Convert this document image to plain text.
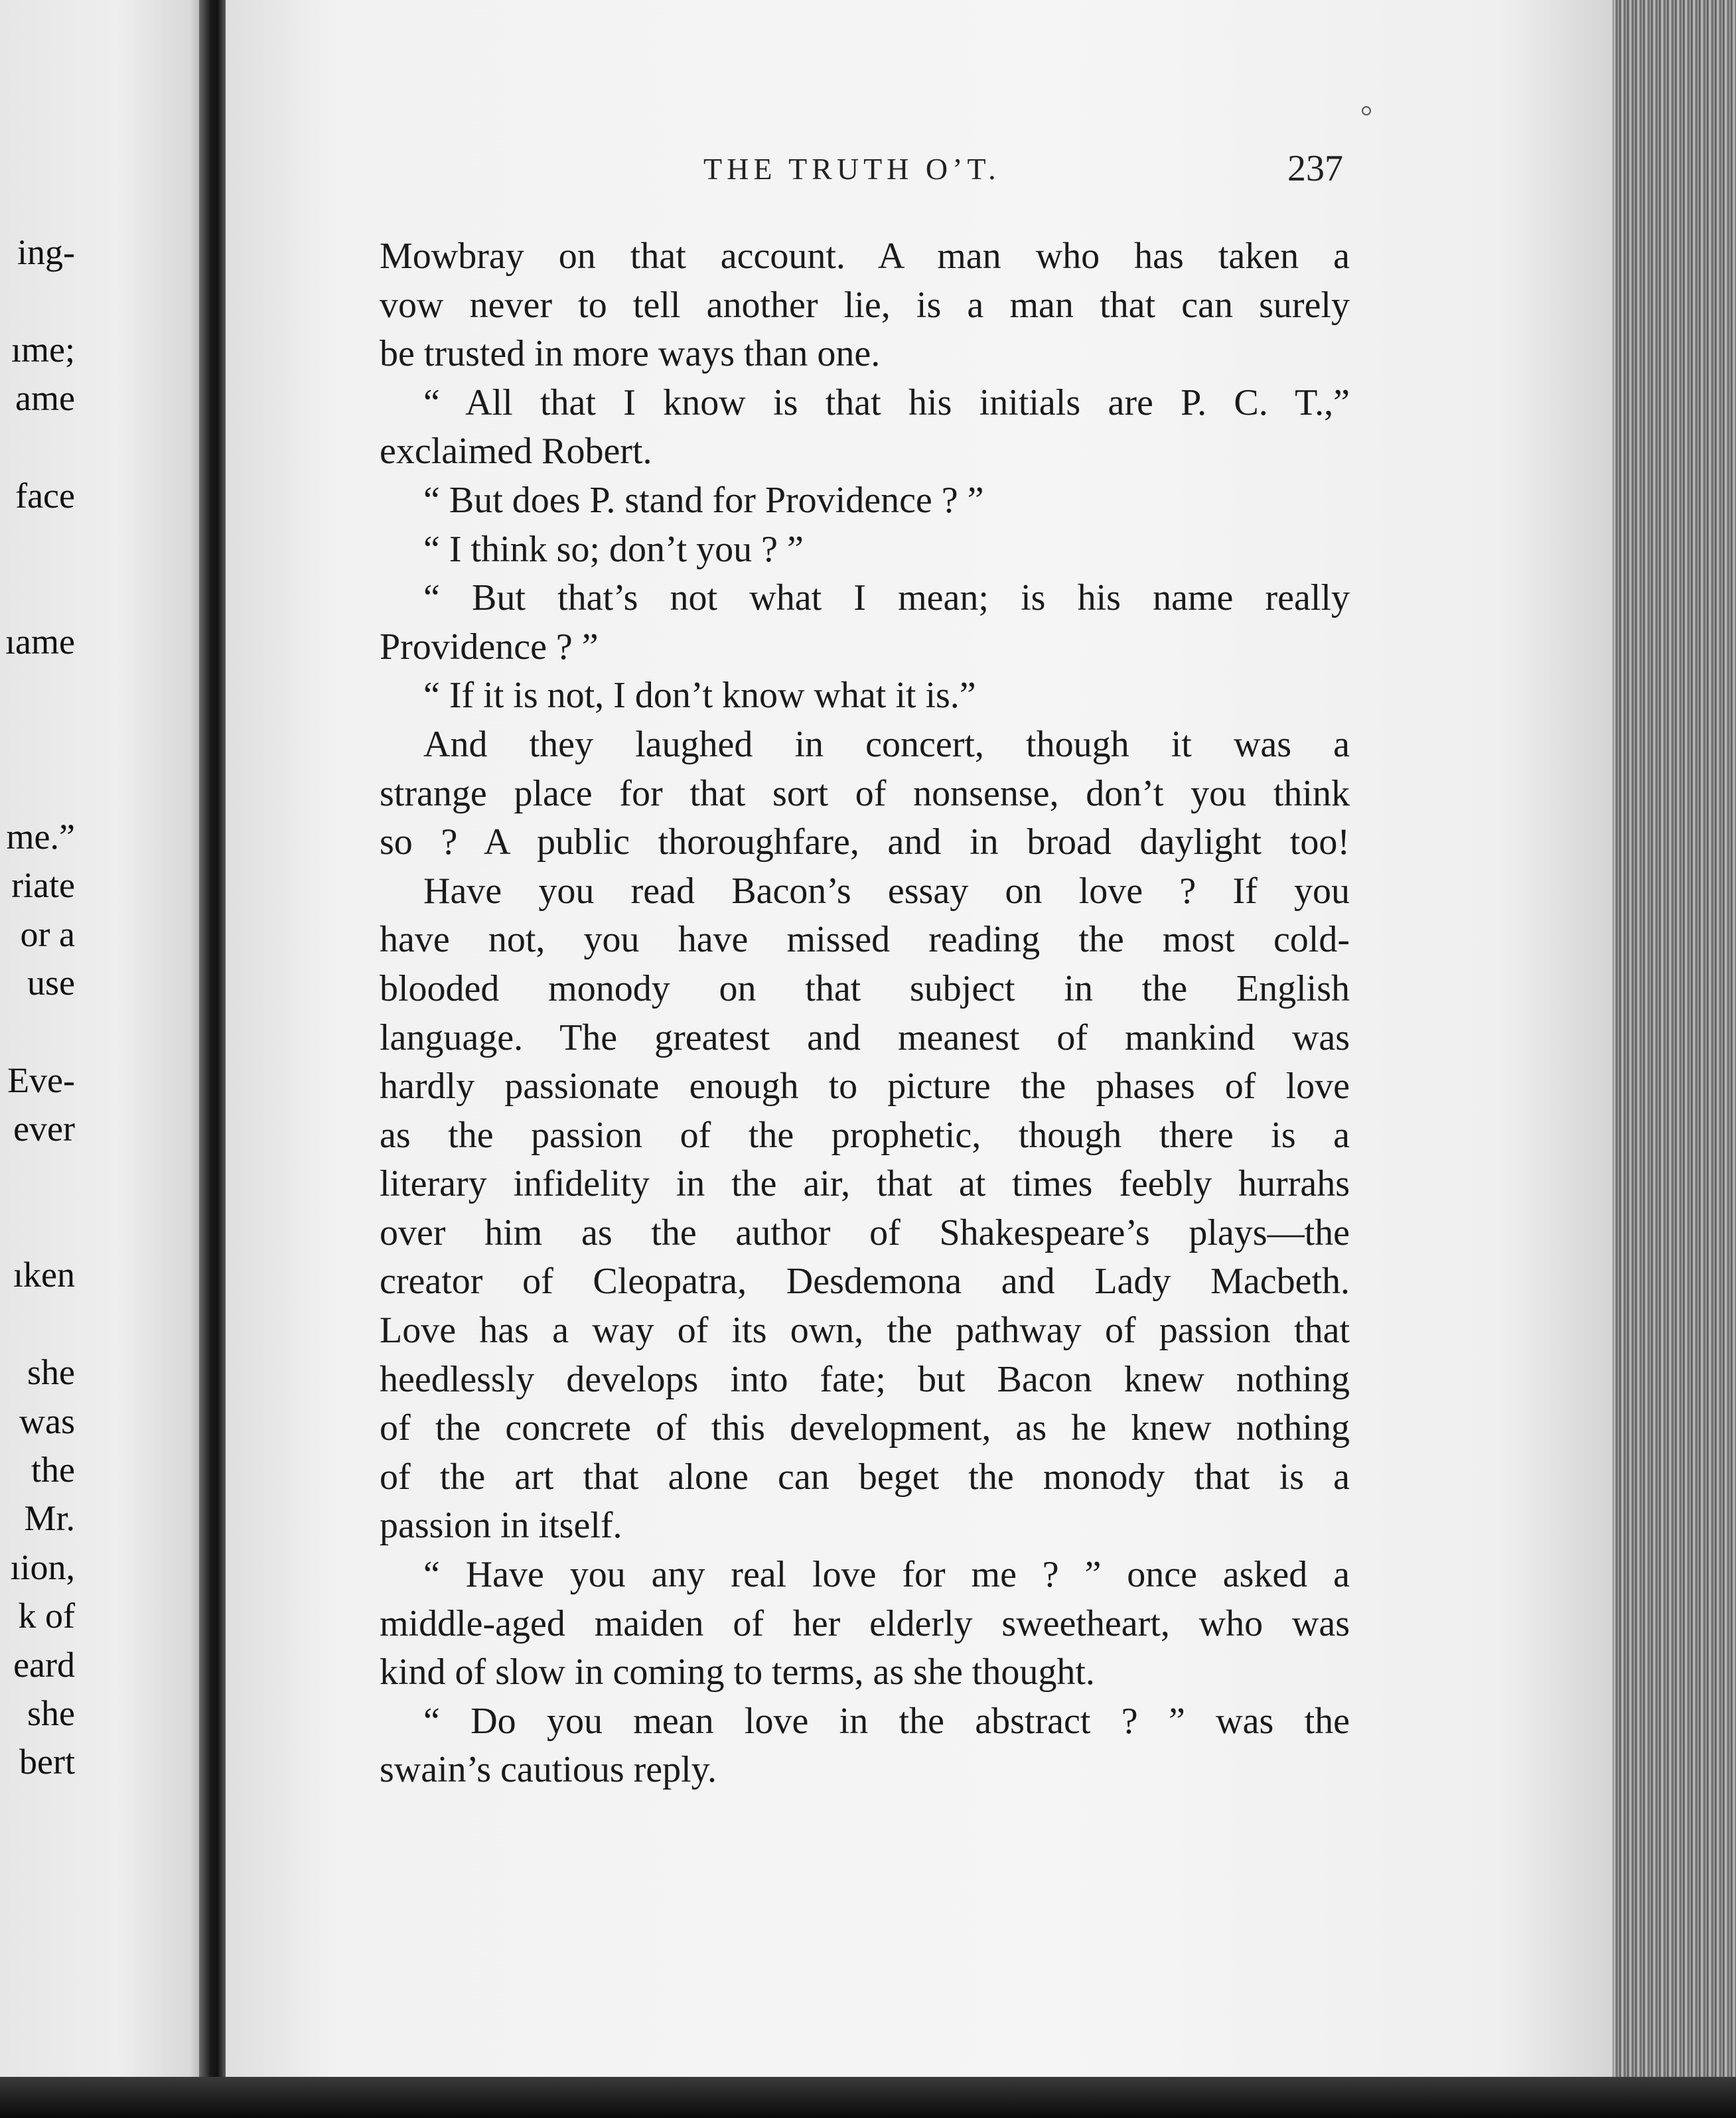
ing-
ıme;
ame
face
ıame
me.”
riate
or a
use
Eve-
ever
ıken
she
was
the
Mr.
ıion,
k of
eard
she
bert
THE TRUTH O’T.	237
Mowbray on that account. A man who has taken a
vow never to tell another lie, is a man that can surely
be trusted in more ways than one.
“ All that I know is that his initials are P. C. T.,”
exclaimed Robert.
“ But does P. stand for Providence ? ”
“ I think so; don’t you ? ”
“ But that’s not what I mean; is his name really
Providence ? ”
“ If it is not, I don’t know what it is.”
And they laughed in concert, though it was a
strange place for that sort of nonsense, don’t you think
so ? A public thoroughfare, and in broad daylight too!
Have you read Bacon’s essay on love ? If you
have not, you have missed reading the most cold-
blooded monody on that subject in the English
language. The greatest and meanest of mankind was
hardly passionate enough to picture the phases of love
as the passion of the prophetic, though there is a
literary infidelity in the air, that at times feebly hurrahs
over him as the author of Shakespeare’s plays—the
creator of Cleopatra, Desdemona and Lady Macbeth.
Love has a way of its own, the pathway of passion that
heedlessly develops into fate; but Bacon knew nothing
of the concrete of this development, as he knew nothing
of the art that alone can beget the monody that is a
passion in itself.
“ Have you any real love for me ? ” once asked a
middle-aged maiden of her elderly sweetheart, who was
kind of slow in coming to terms, as she thought.
“ Do you mean love in the abstract ? ” was the
swain’s cautious reply.
